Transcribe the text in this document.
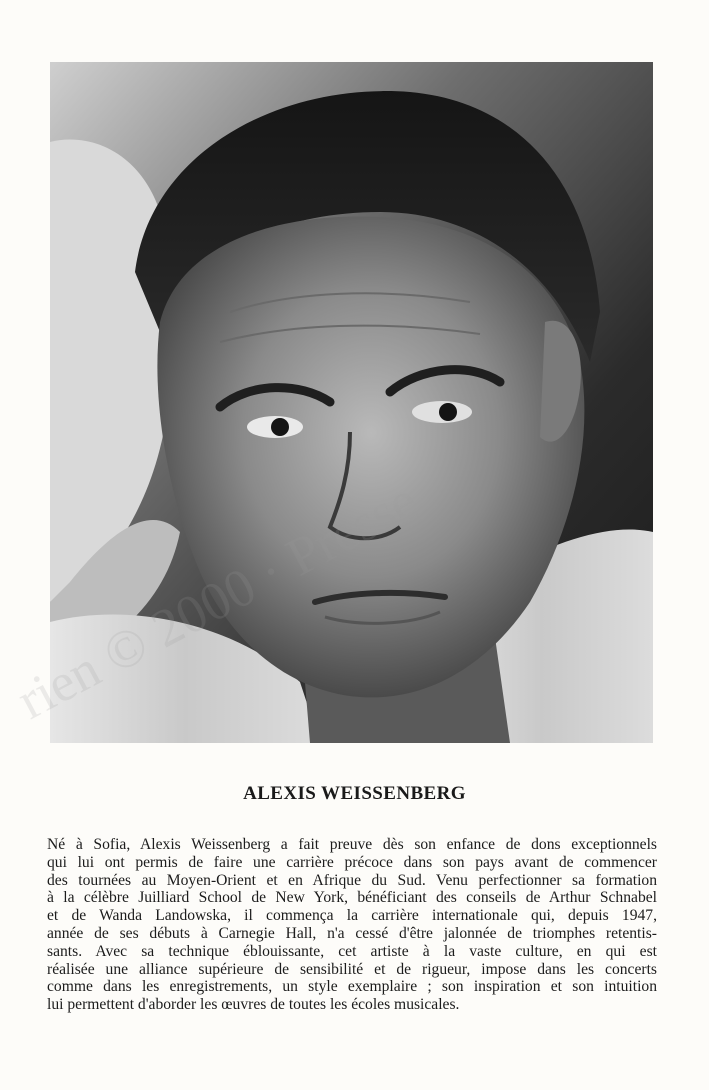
ALEXIS WEISSENBERG

Né à Sofia, Alexis Weissenberg a fait preuve dès son enfance de dons exceptionnels
qui lui ont permis de faire une carrière précoce dans son pays avant de commencer
des tournées au Moyen-Orient et en Afrique du Sud. Venu perfectionner sa formation
à la célèbre Juilliard School de New York, bénéficiant des conseils de Arthur Schnabel
et de Wanda Landowska, il commença la carrière internationale qui, depuis 1947,
année de ses débuts à Carnegie Hall, n'a cessé d'être jalonnée de triomphes retentis-
sants. Avec sa technique éblouissante, cet artiste à la vaste culture, en qui est
réalisée une alliance supérieure de sensibilité et de rigueur, impose dans les concerts
comme dans les enregistrements, un style exemplaire ; son inspiration et son intuition
lui permettent d'aborder les œuvres de toutes les écoles musicales.
